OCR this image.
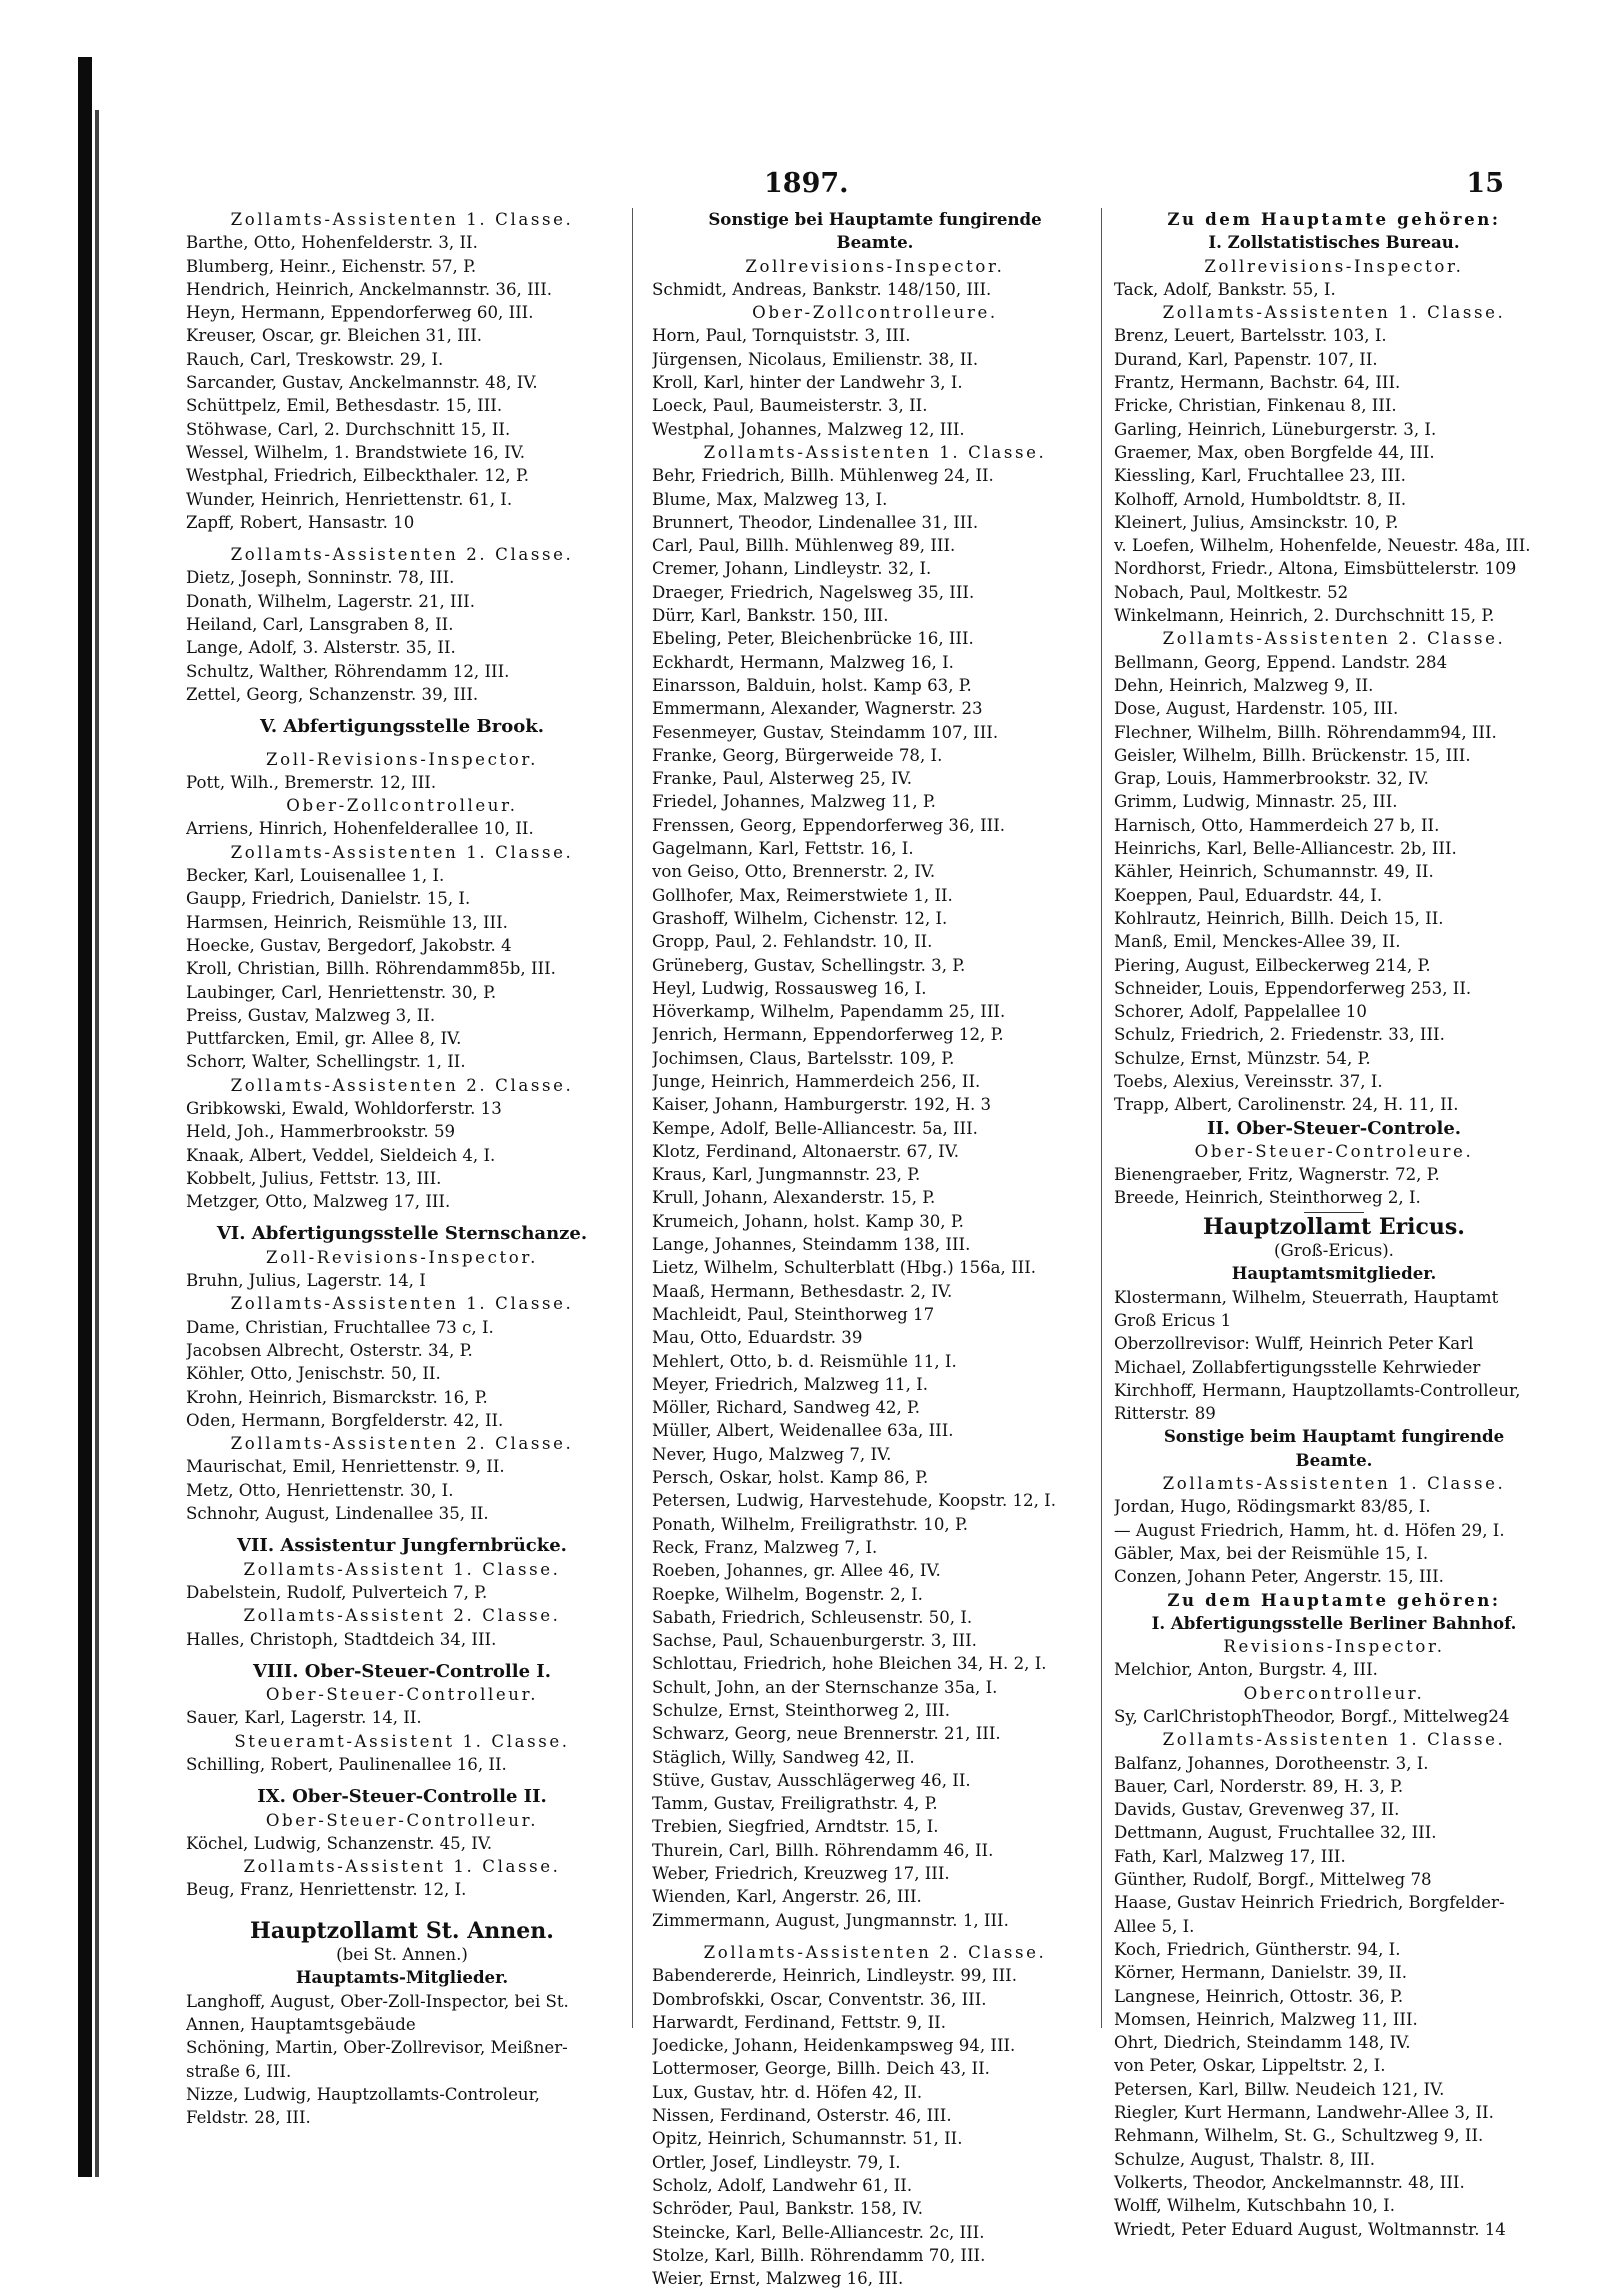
1897.	15
Zollamts-Assistenten 1. Classe.
Barthe, Otto, Hohenfelderstr. 3, II.
Blumberg, Heinr., Eichenstr. 57, P.
Hendrich, Heinrich, Anckelmannstr. 36, III.
Heyn, Hermann, Eppendorferweg 60, III.
Kreuser, Oscar, gr. Bleichen 31, III.
Rauch, Carl, Treskowstr. 29, I.
Sarcander, Gustav, Anckelmannstr. 48, IV.
Schüttpelz, Emil, Bethesdastr. 15, III.
Stöhwase, Carl, 2. Durchschnitt 15, II.
Wessel, Wilhelm, 1. Brandstwiete 16, IV.
Westphal, Friedrich, Eilbeckthaler. 12, P.
Wunder, Heinrich, Henriettenstr. 61, I.
Zapff, Robert, Hansastr. 10
Zollamts-Assistenten 2. Classe.
Dietz, Joseph, Sonninstr. 78, III.
Donath, Wilhelm, Lagerstr. 21, III.
Heiland, Carl, Lansgraben 8, II.
Lange, Adolf, 3. Alsterstr. 35, II.
Schultz, Walther, Röhrendamm 12, III.
Zettel, Georg, Schanzenstr. 39, III.
V. Abfertigungsstelle Brook.
Zoll-Revisions-Inspector.
Pott, Wilh., Bremerstr. 12, III.
Ober-Zollcontrolleur.
Arriens, Hinrich, Hohenfelderallee 10, II.
Zollamts-Assistenten 1. Classe.
Becker, Karl, Louisenallee 1, I.
Gaupp, Friedrich, Danielstr. 15, I.
Harmsen, Heinrich, Reismühle 13, III.
Hoecke, Gustav, Bergedorf, Jakobstr. 4
Kroll, Christian, Billh. Röhrendamm85b, III.
Laubinger, Carl, Henriettenstr. 30, P.
Preiss, Gustav, Malzweg 3, II.
Puttfarcken, Emil, gr. Allee 8, IV.
Schorr, Walter, Schellingstr. 1, II.
Zollamts-Assistenten 2. Classe.
Gribkowski, Ewald, Wohldorferstr. 13
Held, Joh., Hammerbrookstr. 59
Knaak, Albert, Veddel, Sieldeich 4, I.
Kobbelt, Julius, Fettstr. 13, III.
Metzger, Otto, Malzweg 17, III.
VI. Abfertigungsstelle Sternschanze.
Zoll-Revisions-Inspector.
Bruhn, Julius, Lagerstr. 14, I
Zollamts-Assistenten 1. Classe.
Dame, Christian, Fruchtallee 73 c, I.
Jacobsen Albrecht, Osterstr. 34, P.
Köhler, Otto, Jenischstr. 50, II.
Krohn, Heinrich, Bismarckstr. 16, P.
Oden, Hermann, Borgfelderstr. 42, II.
Zollamts-Assistenten 2. Classe.
Maurischat, Emil, Henriettenstr. 9, II.
Metz, Otto, Henriettenstr. 30, I.
Schnohr, August, Lindenallee 35, II.
VII. Assistentur Jungfernbrücke.
Zollamts-Assistent 1. Classe.
Dabelstein, Rudolf, Pulverteich 7, P.
Zollamts-Assistent 2. Classe.
Halles, Christoph, Stadtdeich 34, III.
VIII. Ober-Steuer-Controlle I.
Ober-Steuer-Controlleur.
Sauer, Karl, Lagerstr. 14, II.
Steueramt-Assistent 1. Classe.
Schilling, Robert, Paulinenallee 16, II.
IX. Ober-Steuer-Controlle II.
Ober-Steuer-Controlleur.
Köchel, Ludwig, Schanzenstr. 45, IV.
Zollamts-Assistent 1. Classe.
Beug, Franz, Henriettenstr. 12, I.
Hauptzollamt St. Annen.
(bei St. Annen.)
Hauptamts-Mitglieder.
Langhoff, August, Ober-Zoll-Inspector, bei St.
Annen, Hauptamtsgebäude
Schöning, Martin, Ober-Zollrevisor, Meißner-
straße 6, III.
Nizze, Ludwig, Hauptzollamts-Controleur,
Feldstr. 28, III.
Sonstige bei Hauptamte fungirende
Beamte.
Zollrevisions-Inspector.
Schmidt, Andreas, Bankstr. 148/150, III.
Ober-Zollcontrolleure.
Horn, Paul, Tornquiststr. 3, III.
Jürgensen, Nicolaus, Emilienstr. 38, II.
Kroll, Karl, hinter der Landwehr 3, I.
Loeck, Paul, Baumeisterstr. 3, II.
Westphal, Johannes, Malzweg 12, III.
Zollamts-Assistenten 1. Classe.
Behr, Friedrich, Billh. Mühlenweg 24, II.
Blume, Max, Malzweg 13, I.
Brunnert, Theodor, Lindenallee 31, III.
Carl, Paul, Billh. Mühlenweg 89, III.
Cremer, Johann, Lindleystr. 32, I.
Draeger, Friedrich, Nagelsweg 35, III.
Dürr, Karl, Bankstr. 150, III.
Ebeling, Peter, Bleichenbrücke 16, III.
Eckhardt, Hermann, Malzweg 16, I.
Einarsson, Balduin, holst. Kamp 63, P.
Emmermann, Alexander, Wagnerstr. 23
Fesenmeyer, Gustav, Steindamm 107, III.
Franke, Georg, Bürgerweide 78, I.
Franke, Paul, Alsterweg 25, IV.
Friedel, Johannes, Malzweg 11, P.
Frenssen, Georg, Eppendorferweg 36, III.
Gagelmann, Karl, Fettstr. 16, I.
von Geiso, Otto, Brennerstr. 2, IV.
Gollhofer, Max, Reimerstwiete 1, II.
Grashoff, Wilhelm, Cichenstr. 12, I.
Gropp, Paul, 2. Fehlandstr. 10, II.
Grüneberg, Gustav, Schellingstr. 3, P.
Heyl, Ludwig, Rossausweg 16, I.
Höverkamp, Wilhelm, Papendamm 25, III.
Jenrich, Hermann, Eppendorferweg 12, P.
Jochimsen, Claus, Bartelsstr. 109, P.
Junge, Heinrich, Hammerdeich 256, II.
Kaiser, Johann, Hamburgerstr. 192, H. 3
Kempe, Adolf, Belle-Alliancestr. 5a, III.
Klotz, Ferdinand, Altonaerstr. 67, IV.
Kraus, Karl, Jungmannstr. 23, P.
Krull, Johann, Alexanderstr. 15, P.
Krumeich, Johann, holst. Kamp 30, P.
Lange, Johannes, Steindamm 138, III.
Lietz, Wilhelm, Schulterblatt (Hbg.) 156a, III.
Maaß, Hermann, Bethesdastr. 2, IV.
Machleidt, Paul, Steinthorweg 17
Mau, Otto, Eduardstr. 39
Mehlert, Otto, b. d. Reismühle 11, I.
Meyer, Friedrich, Malzweg 11, I.
Möller, Richard, Sandweg 42, P.
Müller, Albert, Weidenallee 63a, III.
Never, Hugo, Malzweg 7, IV.
Persch, Oskar, holst. Kamp 86, P.
Petersen, Ludwig, Harvestehude, Koopstr. 12, I.
Ponath, Wilhelm, Freiligrathstr. 10, P.
Reck, Franz, Malzweg 7, I.
Roeben, Johannes, gr. Allee 46, IV.
Roepke, Wilhelm, Bogenstr. 2, I.
Sabath, Friedrich, Schleusenstr. 50, I.
Sachse, Paul, Schauenburgerstr. 3, III.
Schlottau, Friedrich, hohe Bleichen 34, H. 2, I.
Schult, John, an der Sternschanze 35a, I.
Schulze, Ernst, Steinthorweg 2, III.
Schwarz, Georg, neue Brennerstr. 21, III.
Stäglich, Willy, Sandweg 42, II.
Stüve, Gustav, Ausschlägerweg 46, II.
Tamm, Gustav, Freiligrathstr. 4, P.
Trebien, Siegfried, Arndtstr. 15, I.
Thurein, Carl, Billh. Röhrendamm 46, II.
Weber, Friedrich, Kreuzweg 17, III.
Wienden, Karl, Angerstr. 26, III.
Zimmermann, August, Jungmannstr. 1, III.
Zollamts-Assistenten 2. Classe.
Babendererde, Heinrich, Lindleystr. 99, III.
Dombrofskki, Oscar, Conventstr. 36, III.
Harwardt, Ferdinand, Fettstr. 9, II.
Joedicke, Johann, Heidenkampsweg 94, III.
Lottermoser, George, Billh. Deich 43, II.
Lux, Gustav, htr. d. Höfen 42, II.
Nissen, Ferdinand, Osterstr. 46, III.
Opitz, Heinrich, Schumannstr. 51, II.
Ortler, Josef, Lindleystr. 79, I.
Scholz, Adolf, Landwehr 61, II.
Schröder, Paul, Bankstr. 158, IV.
Steincke, Karl, Belle-Alliancestr. 2c, III.
Stolze, Karl, Billh. Röhrendamm 70, III.
Weier, Ernst, Malzweg 16, III.
Zu dem Hauptamte gehören:
I. Zollstatistisches Bureau.
Zollrevisions-Inspector.
Tack, Adolf, Bankstr. 55, I.
Zollamts-Assistenten 1. Classe.
Brenz, Leuert, Bartelsstr. 103, I.
Durand, Karl, Papenstr. 107, II.
Frantz, Hermann, Bachstr. 64, III.
Fricke, Christian, Finkenau 8, III.
Garling, Heinrich, Lüneburgerstr. 3, I.
Graemer, Max, oben Borgfelde 44, III.
Kiessling, Karl, Fruchtallee 23, III.
Kolhoff, Arnold, Humboldtstr. 8, II.
Kleinert, Julius, Amsinckstr. 10, P.
v. Loefen, Wilhelm, Hohenfelde, Neuestr. 48a, III.
Nordhorst, Friedr., Altona, Eimsbüttelerstr. 109
Nobach, Paul, Moltkestr. 52
Winkelmann, Heinrich, 2. Durchschnitt 15, P.
Zollamts-Assistenten 2. Classe.
Bellmann, Georg, Eppend. Landstr. 284
Dehn, Heinrich, Malzweg 9, II.
Dose, August, Hardenstr. 105, III.
Flechner, Wilhelm, Billh. Röhrendamm94, III.
Geisler, Wilhelm, Billh. Brückenstr. 15, III.
Grap, Louis, Hammerbrookstr. 32, IV.
Grimm, Ludwig, Minnastr. 25, III.
Harnisch, Otto, Hammerdeich 27 b, II.
Heinrichs, Karl, Belle-Alliancestr. 2b, III.
Kähler, Heinrich, Schumannstr. 49, II.
Koeppen, Paul, Eduardstr. 44, I.
Kohlrautz, Heinrich, Billh. Deich 15, II.
Manß, Emil, Menckes-Allee 39, II.
Piering, August, Eilbeckerweg 214, P.
Schneider, Louis, Eppendorferweg 253, II.
Schorer, Adolf, Pappelallee 10
Schulz, Friedrich, 2. Friedenstr. 33, III.
Schulze, Ernst, Münzstr. 54, P.
Toebs, Alexius, Vereinsstr. 37, I.
Trapp, Albert, Carolinenstr. 24, H. 11, II.
II. Ober-Steuer-Controle.
Ober-Steuer-Controleure.
Bienengraeber, Fritz, Wagnerstr. 72, P.
Breede, Heinrich, Steinthorweg 2, I.
Hauptzollamt Ericus.
(Groß-Ericus).
Hauptamtsmitglieder.
Klostermann, Wilhelm, Steuerrath, Hauptamt
Groß Ericus 1
Oberzollrevisor: Wulff, Heinrich Peter Karl
Michael, Zollabfertigungsstelle Kehrwieder
Kirchhoff, Hermann, Hauptzollamts-Controlleur,
Ritterstr. 89
Sonstige beim Hauptamt fungirende
Beamte.
Zollamts-Assistenten 1. Classe.
Jordan, Hugo, Rödingsmarkt 83/85, I.
— August Friedrich, Hamm, ht. d. Höfen 29, I.
Gäbler, Max, bei der Reismühle 15, I.
Conzen, Johann Peter, Angerstr. 15, III.
Zu dem Hauptamte gehören:
I. Abfertigungsstelle Berliner Bahnhof.
Revisions-Inspector.
Melchior, Anton, Burgstr. 4, III.
Obercontrolleur.
Sy, CarlChristophTheodor, Borgf., Mittelweg24
Zollamts-Assistenten 1. Classe.
Balfanz, Johannes, Dorotheenstr. 3, I.
Bauer, Carl, Norderstr. 89, H. 3, P.
Davids, Gustav, Grevenweg 37, II.
Dettmann, August, Fruchtallee 32, III.
Fath, Karl, Malzweg 17, III.
Günther, Rudolf, Borgf., Mittelweg 78
Haase, Gustav Heinrich Friedrich, Borgfelder-
Allee 5, I.
Koch, Friedrich, Güntherstr. 94, I.
Körner, Hermann, Danielstr. 39, II.
Langnese, Heinrich, Ottostr. 36, P.
Momsen, Heinrich, Malzweg 11, III.
Ohrt, Diedrich, Steindamm 148, IV.
von Peter, Oskar, Lippeltstr. 2, I.
Petersen, Karl, Billw. Neudeich 121, IV.
Riegler, Kurt Hermann, Landwehr-Allee 3, II.
Rehmann, Wilhelm, St. G., Schultzweg 9, II.
Schulze, August, Thalstr. 8, III.
Volkerts, Theodor, Anckelmannstr. 48, III.
Wolff, Wilhelm, Kutschbahn 10, I.
Wriedt, Peter Eduard August, Woltmannstr. 14
